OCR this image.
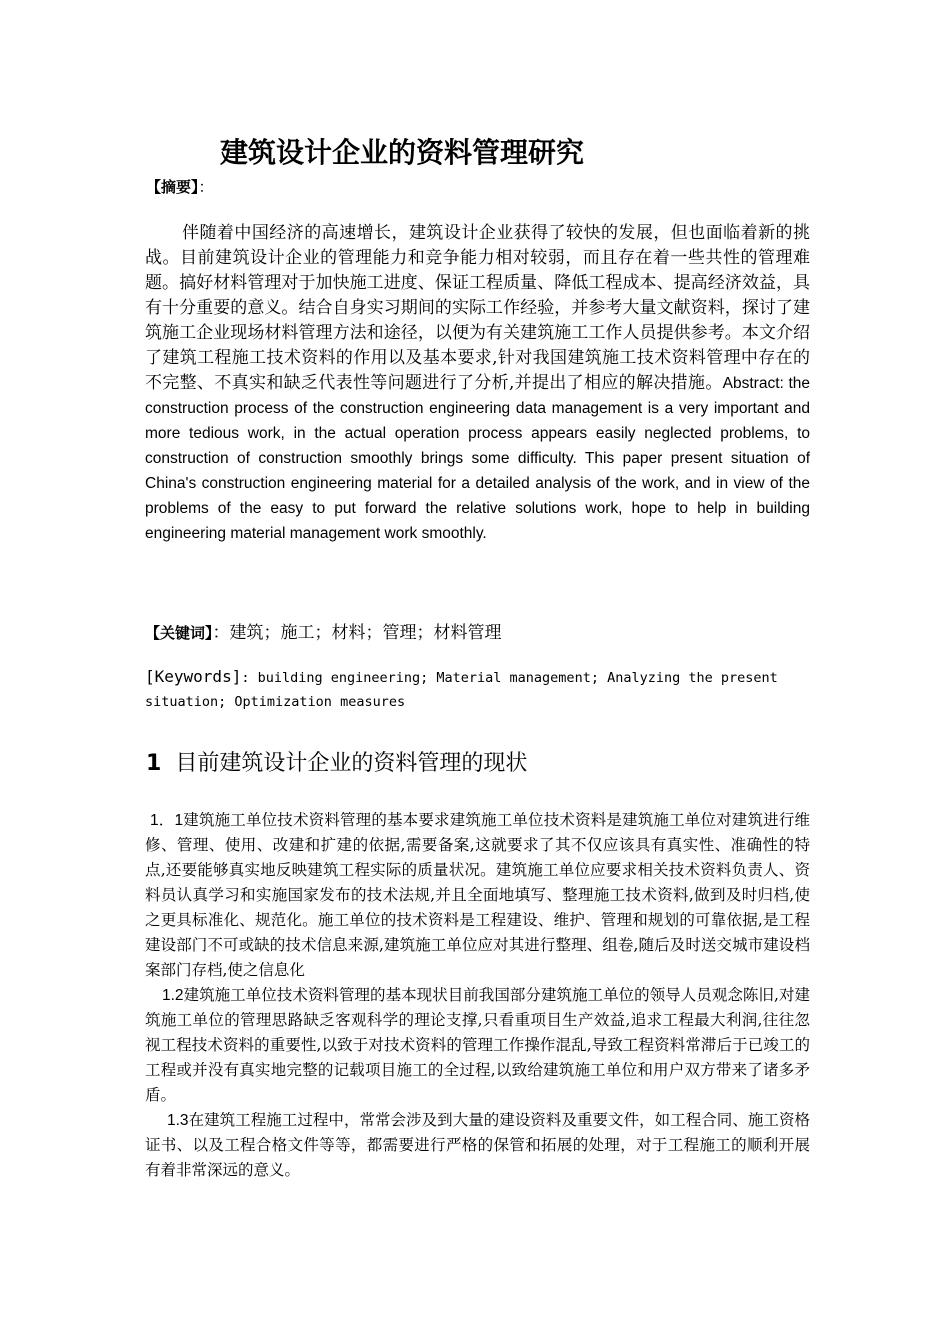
建筑设计企业的资料管理研究
【摘要】：
伴随着中国经济的高速增长，建筑设计企业获得了较快的发展，但也面临着新的挑战。目前建筑设计企业的管理能力和竞争能力相对较弱，而且存在着一些共性的管理难题。搞好材料管理对于加快施工进度、保证工程质量、降低工程成本、提高经济效益，具有十分重要的意义。结合自身实习期间的实际工作经验，并参考大量文献资料，探讨了建筑施工企业现场材料管理方法和途径，以便为有关建筑施工工作人员提供参考。本文介绍了建筑工程施工技术资料的作用以及基本要求,针对我国建筑施工技术资料管理中存在的不完整、不真实和缺乏代表性等问题进行了分析,并提出了相应的解决措施。Abstract: the construction process of the construction engineering data management is a very important and more tedious work, in the actual operation process appears easily neglected problems, to construction of construction smoothly brings some difficulty. This paper present situation of China's construction engineering material for a detailed analysis of the work, and in view of the problems of the easy to put forward the relative solutions work, hope to help in building engineering material management work smoothly.
【关键词】：建筑；施工；材料；管理；材料管理
[Keywords]: building engineering; Material management; Analyzing the present situation; Optimization measures
1 目前建筑设计企业的资料管理的现状

1．1建筑施工单位技术资料管理的基本要求建筑施工单位技术资料是建筑施工单位对建筑进行维修、管理、使用、改建和扩建的依据,需要备案,这就要求了其不仅应该具有真实性、准确性的特点,还要能够真实地反映建筑工程实际的质量状况。建筑施工单位应要求相关技术资料负责人、资料员认真学习和实施国家发布的技术法规,并且全面地填写、整理施工技术资料,做到及时归档,使之更具标准化、规范化。施工单位的技术资料是工程建设、维护、管理和规划的可靠依据,是工程建设部门不可或缺的技术信息来源,建筑施工单位应对其进行整理、组卷,随后及时送交城市建设档案部门存档,使之信息化

1.2建筑施工单位技术资料管理的基本现状目前我国部分建筑施工单位的领导人员观念陈旧,对建筑施工单位的管理思路缺乏客观科学的理论支撑,只看重项目生产效益,追求工程最大利润,往往忽视工程技术资料的重要性,以致于对技术资料的管理工作操作混乱,导致工程资料常滞后于已竣工的工程或并没有真实地完整的记载项目施工的全过程,以致给建筑施工单位和用户双方带来了诸多矛盾。

1.3在建筑工程施工过程中，常常会涉及到大量的建设资料及重要文件，如工程合同、施工资格证书、以及工程合格文件等等，都需要进行严格的保管和拓展的处理，对于工程施工的顺利开展有着非常深远的意义。
